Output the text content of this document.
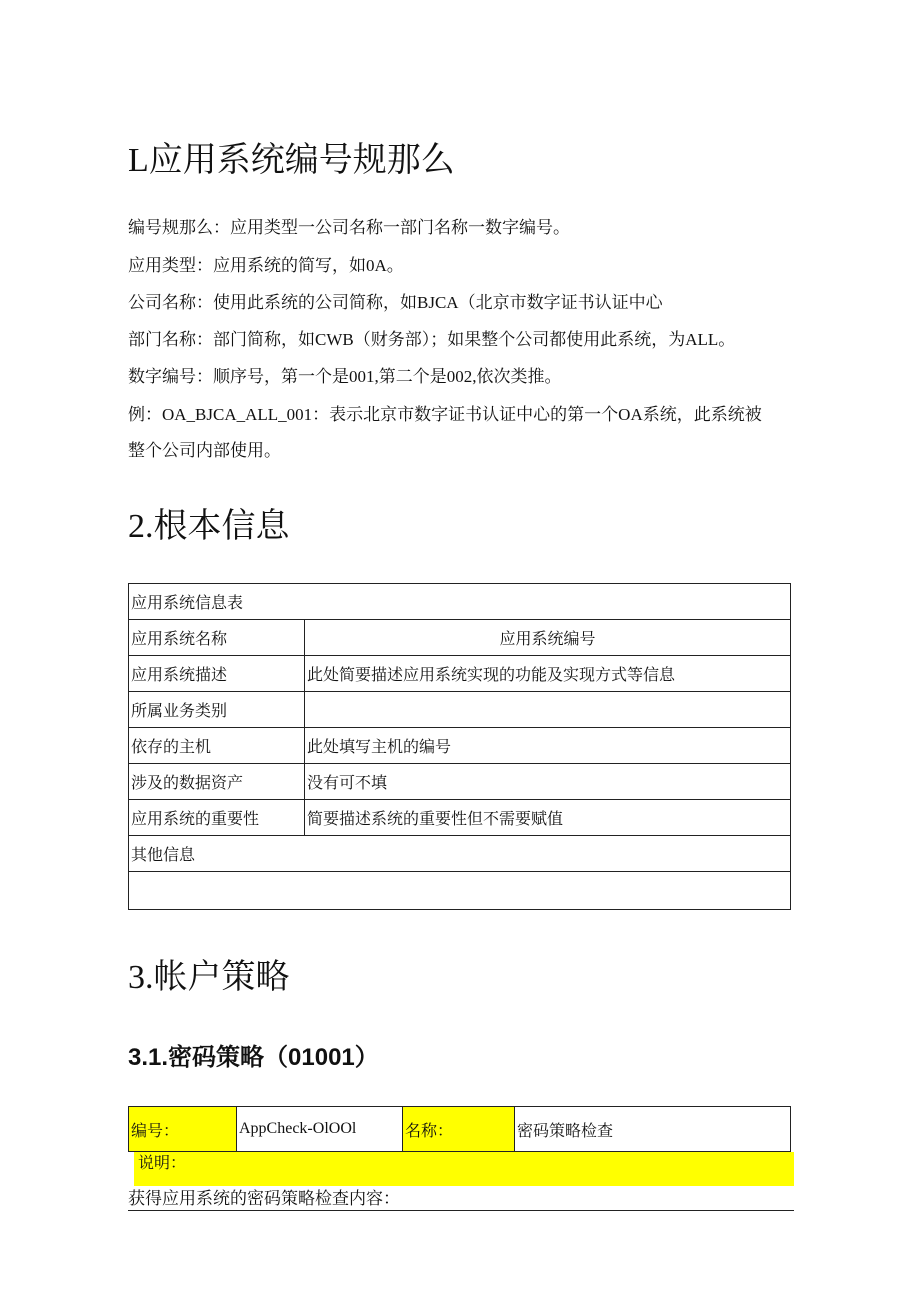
L应用系统编号规那么
编号规那么：应用类型一公司名称一部门名称一数字编号。
应用类型：应用系统的简写，如0A。
公司名称：使用此系统的公司简称，如BJCA（北京市数字证书认证中心
部门名称：部门简称，如CWB（财务部）；如果整个公司都使用此系统，为ALL。
数字编号：顺序号，第一个是001,第二个是002,依次类推。
例：OA_BJCA_ALL_001：表示北京市数字证书认证中心的第一个OA系统，此系统被
整个公司内部使用。
2.根本信息
应用系统信息表	
应用系统名称	应用系统编号
应用系统描述	此处简要描述应用系统实现的功能及实现方式等信息
所属业务类别	
依存的主机	此处填写主机的编号
涉及的数据资产	没有可不填
应用系统的重要性	简要描述系统的重要性但不需要赋值
其他信息	

3.帐户策略
3.1.密码策略（01001）
编号：	AppCheck-OlOOl	名称：	密码策略检查
说明：
获得应用系统的密码策略检查内容：
